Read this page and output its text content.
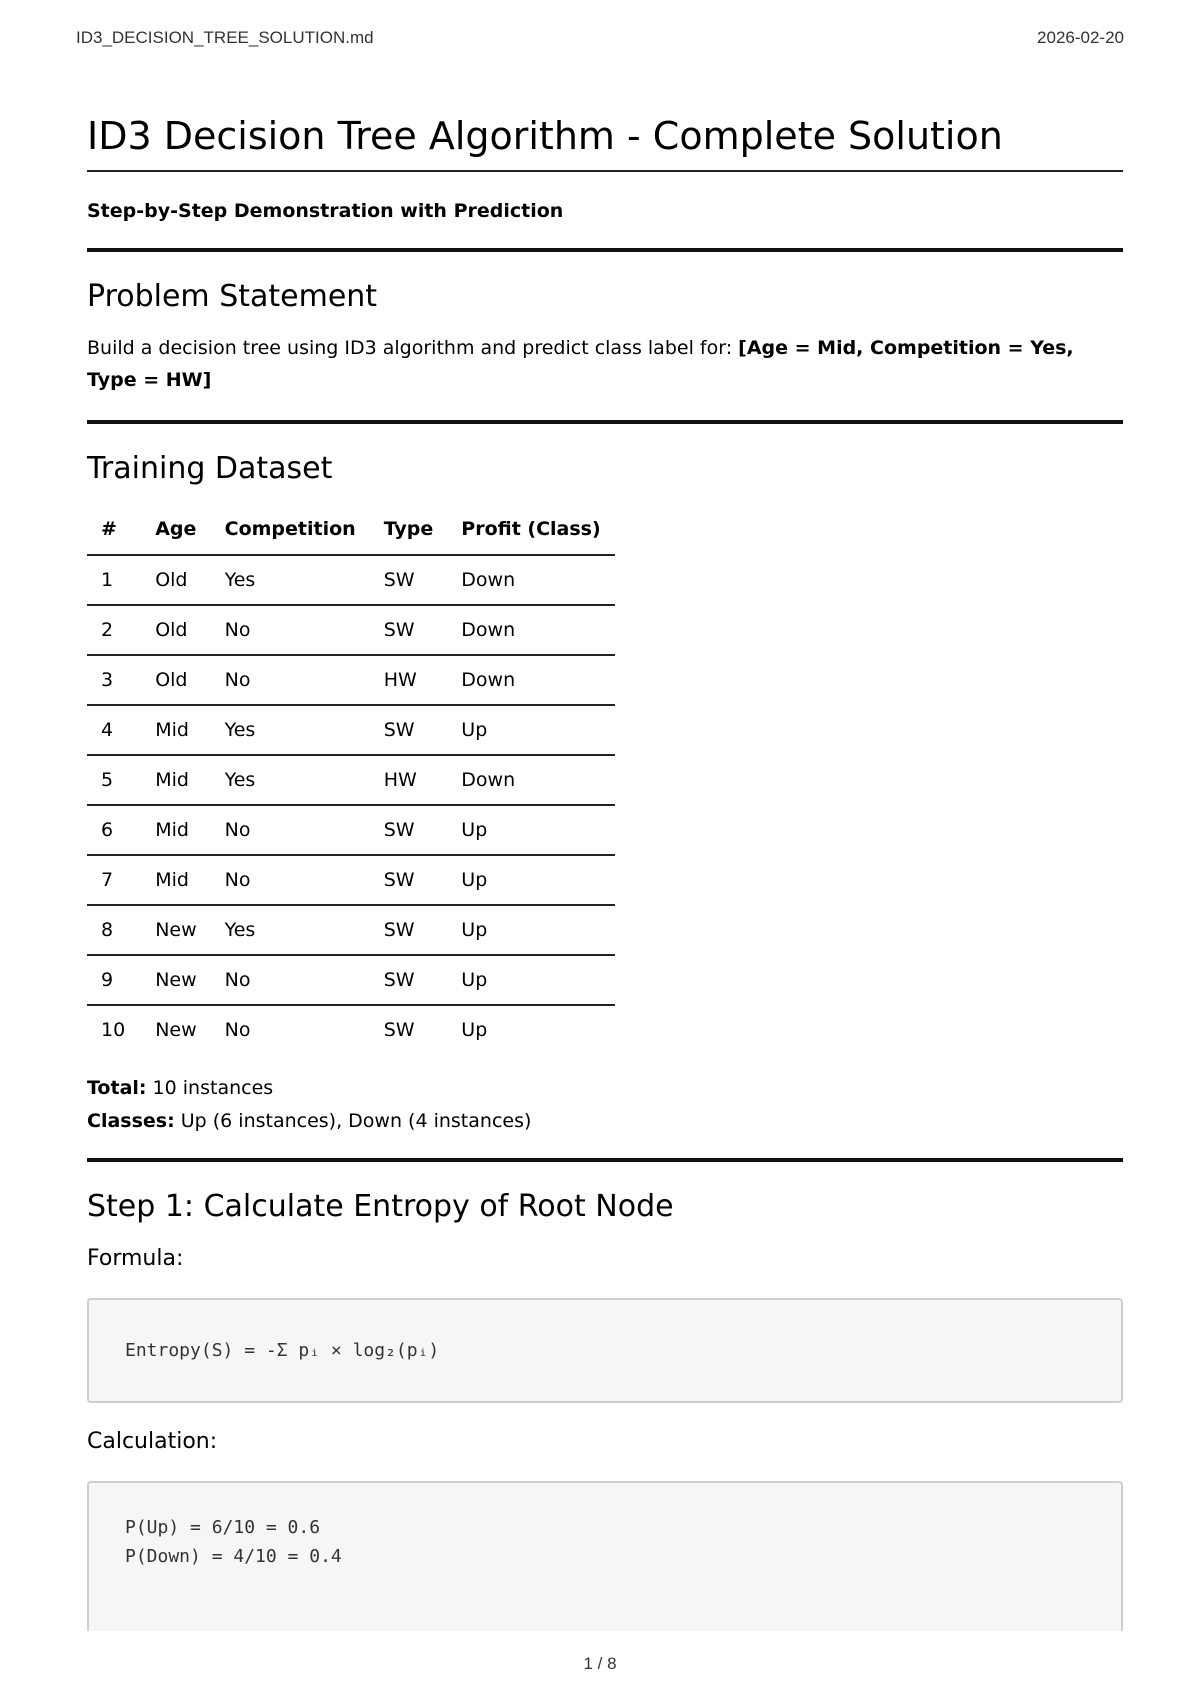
ID3_DECISION_TREE_SOLUTION.md	2026-02-20
ID3 Decision Tree Algorithm - Complete Solution

Step-by-Step Demonstration with Prediction

Problem Statement

Build a decision tree using ID3 algorithm and predict class label for: [Age = Mid, Competition = Yes, Type = HW]

Training Dataset
#	Age	Competition	Type	Profit (Class)
1	Old	Yes	SW	Down
2	Old	No	SW	Down
3	Old	No	HW	Down
4	Mid	Yes	SW	Up
5	Mid	Yes	HW	Down
6	Mid	No	SW	Up
7	Mid	No	SW	Up
8	New	Yes	SW	Up
9	New	No	SW	Up
10	New	No	SW	Up

Total: 10 instances

Classes: Up (6 instances), Down (4 instances)

Step 1: Calculate Entropy of Root Node
Formula:
Entropy(S) = -Σ pᵢ × log₂(pᵢ)
Calculation:
P(Up) = 6/10 = 0.6
P(Down) = 4/10 = 0.4
1 / 8
